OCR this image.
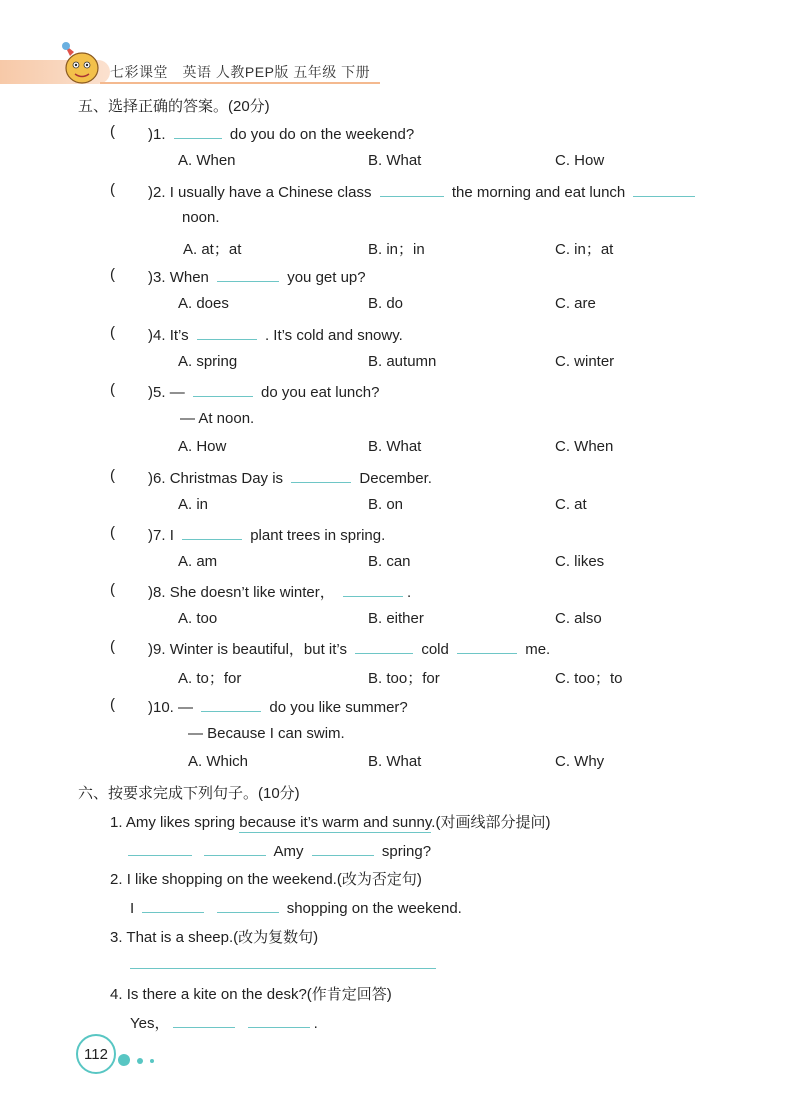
七彩课堂　英语 人教PEP版 五年级 下册
五、选择正确的答案。(20分)
( )1.	do you do on the weekend?
A. When	B. What	C. How
( )2. I usually have a Chinese class	the morning and eat lunch
noon.
A. at；at	B. in；in	C. in；at
( )3. When	you get up?
A. does	B. do	C. are
( )4. It’s	. It’s cold and snowy.
A. spring	B. autumn	C. winter
( )5. —	do you eat lunch?
— At noon.
A. How	B. What	C. When
( )6. Christmas Day is	December.
A. in	B. on	C. at
( )7. I	plant trees in spring.
A. am	B. can	C. likes
( )8. She doesn’t like winter，	.
A. too	B. either	C. also
( )9. Winter is beautiful，but it’s	cold	me.
A. to；for	B. too；for	C. too；to
( )10. —	do you like summer?
— Because I can swim.
A. Which	B. What	C. Why
六、按要求完成下列句子。(10分)
1. Amy likes spring because it’s warm and sunny.(对画线部分提问)
Amy	spring?
2. I like shopping on the weekend.(改为否定句)
I	shopping on the weekend.
3. That is a sheep.(改为复数句)
4. Is there a kite on the desk?(作肯定回答)
Yes，	.
112
